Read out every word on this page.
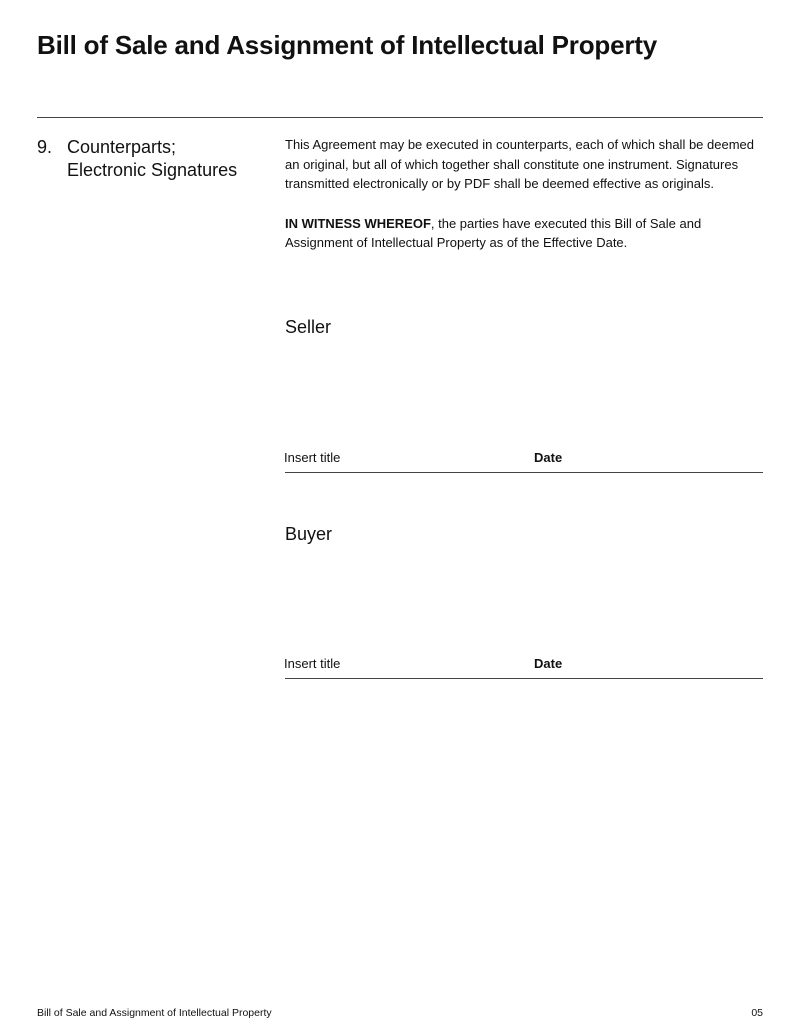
Bill of Sale and Assignment of Intellectual Property
9. Counterparts;
Electronic Signatures

This Agreement may be executed in counterparts, each of which shall be deemed an original, but all of which together shall constitute one instrument. Signatures transmitted electronically or by PDF shall be deemed effective as originals.

IN WITNESS WHEREOF, the parties have executed this Bill of Sale and Assignment of Intellectual Property as of the Effective Date.

Seller
Insert title	Date
Buyer
Insert title	Date
Bill of Sale and Assignment of Intellectual Property	05
